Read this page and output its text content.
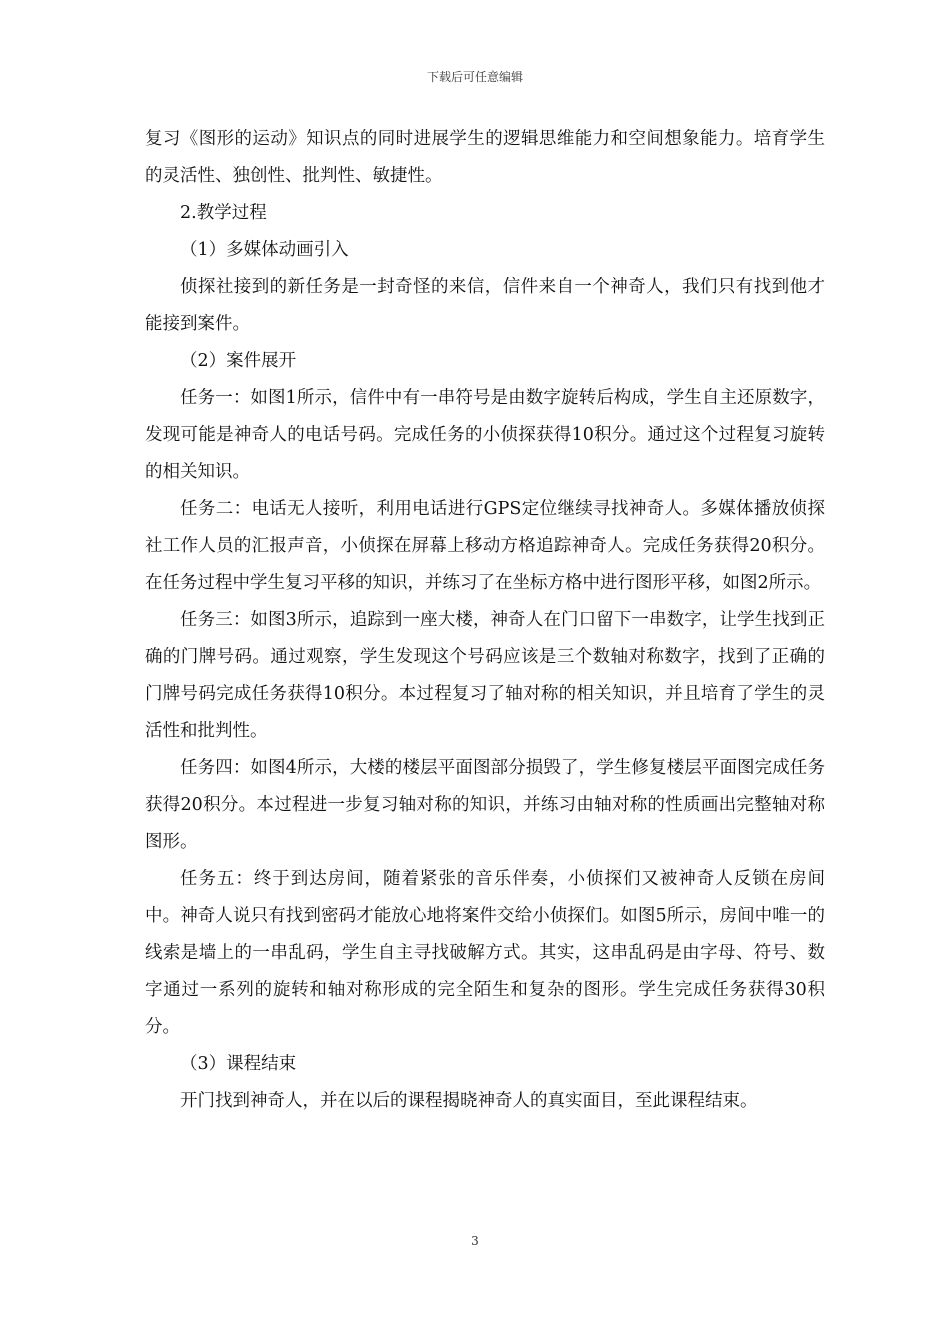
下载后可任意编辑

复习《图形的运动》知识点的同时进展学生的逻辑思维能力和空间想象能力。培育学生的灵活性、独创性、批判性、敏捷性。

2.教学过程

（1）多媒体动画引入

侦探社接到的新任务是一封奇怪的来信，信件来自一个神奇人，我们只有找到他才能接到案件。

（2）案件展开

任务一：如图1所示，信件中有一串符号是由数字旋转后构成，学生自主还原数字，发现可能是神奇人的电话号码。完成任务的小侦探获得10积分。通过这个过程复习旋转的相关知识。

任务二：电话无人接听，利用电话进行GPS定位继续寻找神奇人。多媒体播放侦探社工作人员的汇报声音，小侦探在屏幕上移动方格追踪神奇人。完成任务获得20积分。在任务过程中学生复习平移的知识，并练习了在坐标方格中进行图形平移，如图2所示。

任务三：如图3所示，追踪到一座大楼，神奇人在门口留下一串数字，让学生找到正确的门牌号码。通过观察，学生发现这个号码应该是三个数轴对称数字，找到了正确的门牌号码完成任务获得10积分。本过程复习了轴对称的相关知识，并且培育了学生的灵活性和批判性。

任务四：如图4所示，大楼的楼层平面图部分损毁了，学生修复楼层平面图完成任务获得20积分。本过程进一步复习轴对称的知识，并练习由轴对称的性质画出完整轴对称图形。

任务五：终于到达房间，随着紧张的音乐伴奏，小侦探们又被神奇人反锁在房间中。神奇人说只有找到密码才能放心地将案件交给小侦探们。如图5所示，房间中唯一的线索是墙上的一串乱码，学生自主寻找破解方式。其实，这串乱码是由字母、符号、数字通过一系列的旋转和轴对称形成的完全陌生和复杂的图形。学生完成任务获得30积分。

（3）课程结束

开门找到神奇人，并在以后的课程揭晓神奇人的真实面目，至此课程结束。

3
